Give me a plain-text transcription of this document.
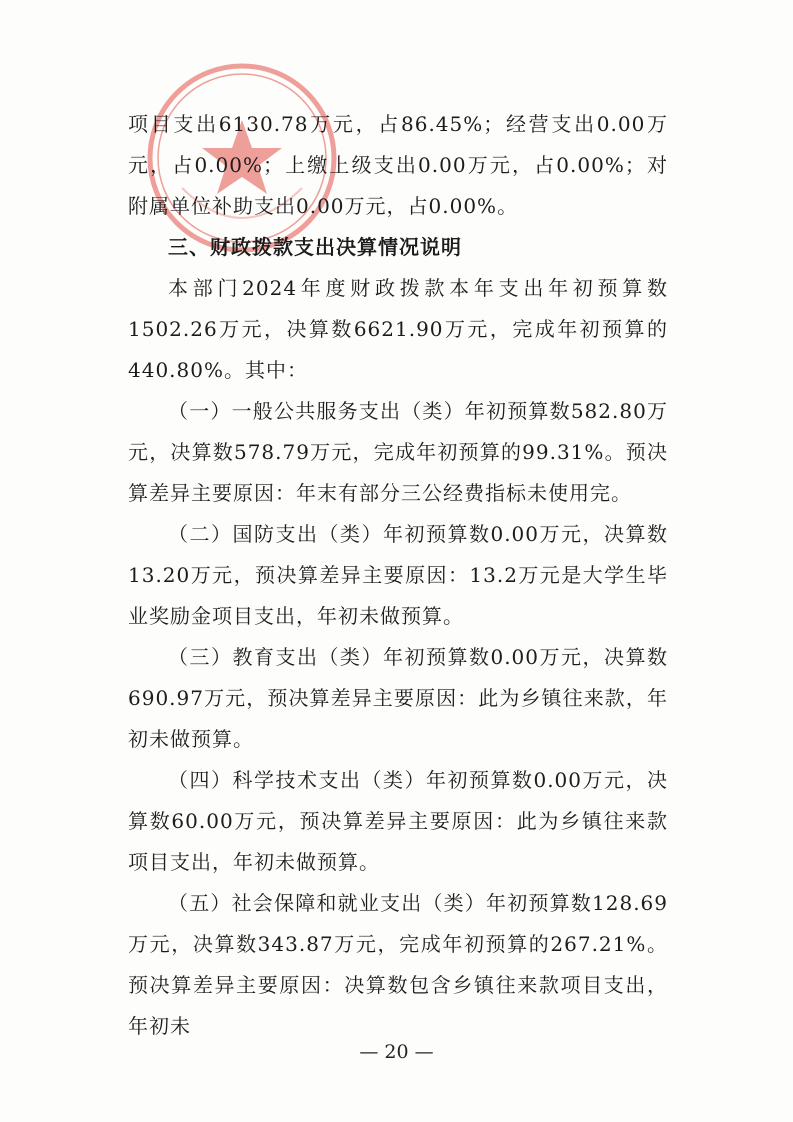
项目支出6130.78万元，占86.45%；经营支出0.00万元，占0.00%；上缴上级支出0.00万元，占0.00%；对附属单位补助支出0.00万元，占0.00%。

三、财政拨款支出决算情况说明

本部门2024年度财政拨款本年支出年初预算数1502.26万元，决算数6621.90万元，完成年初预算的440.80%。其中：

（一）一般公共服务支出（类）年初预算数582.80万元，决算数578.79万元，完成年初预算的99.31%。预决算差异主要原因：年末有部分三公经费指标未使用完。

（二）国防支出（类）年初预算数0.00万元，决算数13.20万元，预决算差异主要原因：13.2万元是大学生毕业奖励金项目支出，年初未做预算。

（三）教育支出（类）年初预算数0.00万元，决算数690.97万元，预决算差异主要原因：此为乡镇往来款，年初未做预算。

（四）科学技术支出（类）年初预算数0.00万元，决算数60.00万元，预决算差异主要原因：此为乡镇往来款项目支出，年初未做预算。

（五）社会保障和就业支出（类）年初预算数128.69万元，决算数343.87万元，完成年初预算的267.21%。预决算差异主要原因：决算数包含乡镇往来款项目支出，年初未

— 20 —
